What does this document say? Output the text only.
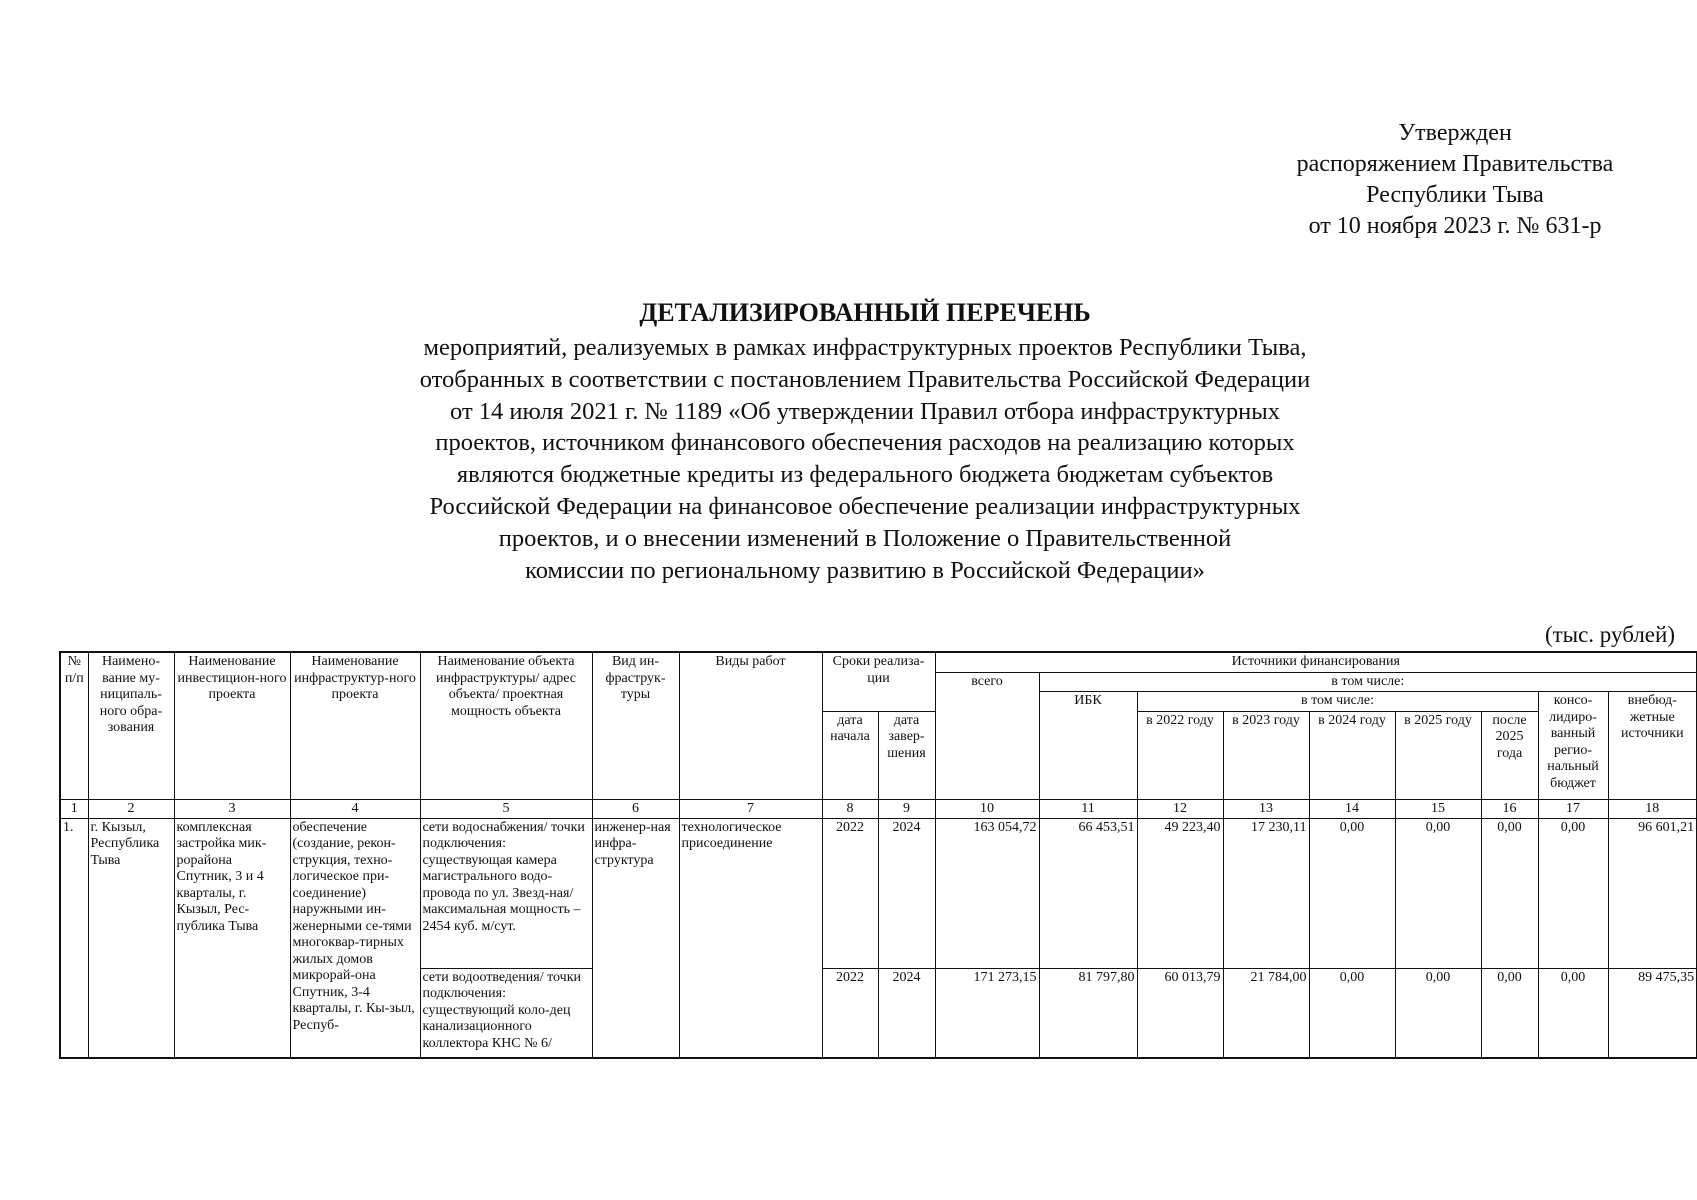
Утвержден
распоряжением Правительства
Республики Тыва
от 10 ноября 2023 г. № 631-р
ДЕТАЛИЗИРОВАННЫЙ ПЕРЕЧЕНЬ
мероприятий, реализуемых в рамках инфраструктурных проектов Республики Тыва,
отобранных в соответствии с постановлением Правительства Российской Федерации
от 14 июля 2021 г. № 1189 «Об утверждении Правил отбора инфраструктурных
проектов, источником финансового обеспечения расходов на реализацию которых
являются бюджетные кредиты из федерального бюджета бюджетам субъектов
Российской Федерации на финансовое обеспечение реализации инфраструктурных
проектов, и о внесении изменений в Положение о Правительственной
комиссии по региональному развитию в Российской Федерации»
(тыс. рублей)
№ п/п	Наимено-вание му-ниципаль-ного обра-зования	Наименование инвестицион-ного проекта	Наименование инфраструктур-ного проекта	Наименование объекта инфраструктуры/ адрес объекта/ проектная мощность объекта	Вид ин-фраструк-туры	Виды работ	Сроки реализа-ции		Источники финансирования								
									всего	в том числе:							
										ИБК	в том числе:					консо-лидиро-ванный регио-нальный бюджет	внебюд-жетные источники
							дата начала	дата завер-шения			в 2022 году	в 2023 году	в 2024 году	в 2025 году	после 2025 года		
1	2	3	4	5	6	7	8	9	10	11	12	13	14	15	16	17	18
1.	г. Кызыл, Республика Тыва	комплексная застройка мик-рорайона Спутник, 3 и 4 кварталы, г. Кызыл, Рес-публика Тыва	обеспечение (создание, рекон-струкция, техно-логическое при-соединение) наружными ин-женерными се-тями многоквар-тирных жилых домов микрорай-она Спутник, 3-4 кварталы, г. Кы-зыл, Респуб-	сети водоснабжения/ точки подключения: существующая камера магистрального водо-провода по ул. Звезд-ная/ максимальная мощность – 2454 куб. м/сут.	инженер-ная инфра-структура	технологическое присоединение	2022	2024	163 054,72	66 453,51	49 223,40	17 230,11	0,00	0,00	0,00	0,00	96 601,21
				сети водоотведения/ точки подключения: существующий коло-дец канализационного коллектора КНС № 6/			2022	2024	171 273,15	81 797,80	60 013,79	21 784,00	0,00	0,00	0,00	0,00	89 475,35
